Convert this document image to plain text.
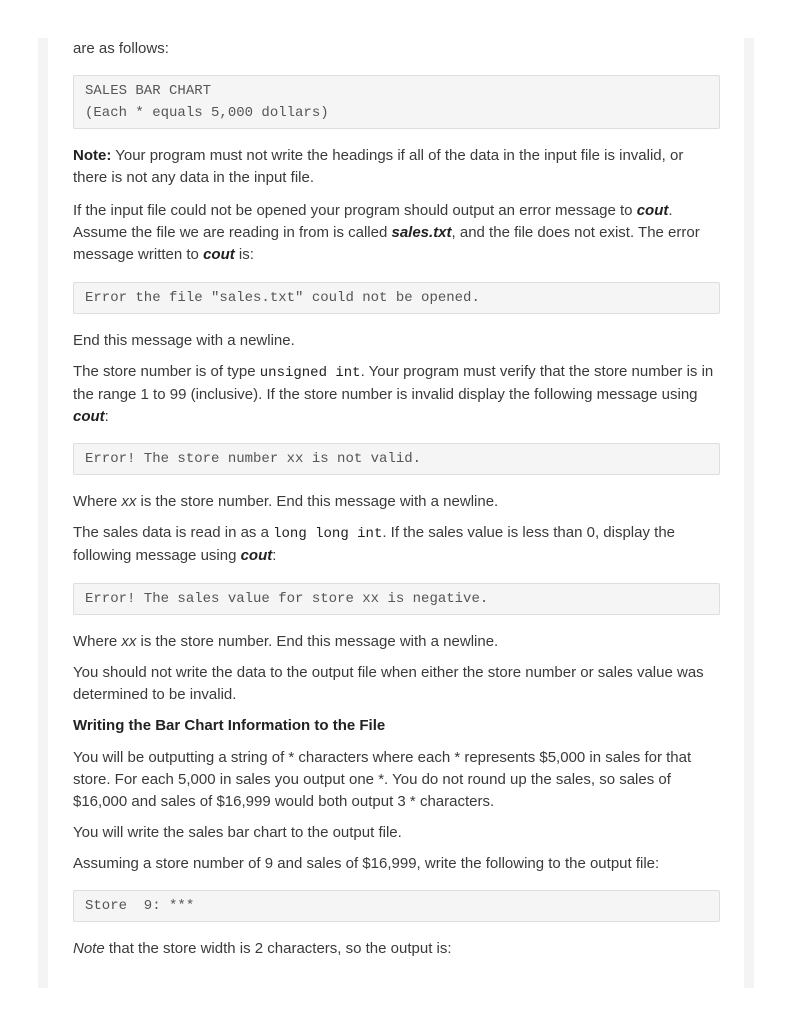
are as follows:

SALES BAR CHART
(Each * equals 5,000 dollars)

Note: Your program must not write the headings if all of the data in the input file is invalid, or there is not any data in the input file.

If the input file could not be opened your program should output an error message to cout. Assume the file we are reading in from is called sales.txt, and the file does not exist. The error message written to cout is:

Error the file "sales.txt" could not be opened.

End this message with a newline.

The store number is of type unsigned int. Your program must verify that the store number is in the range 1 to 99 (inclusive). If the store number is invalid display the following message using cout:

Error! The store number xx is not valid.

Where xx is the store number. End this message with a newline.

The sales data is read in as a long long int. If the sales value is less than 0, display the following message using cout:

Error! The sales value for store xx is negative.

Where xx is the store number. End this message with a newline.

You should not write the data to the output file when either the store number or sales value was determined to be invalid.

Writing the Bar Chart Information to the File

You will be outputting a string of * characters where each * represents $5,000 in sales for that store. For each 5,000 in sales you output one *. You do not round up the sales, so sales of $16,000 and sales of $16,999 would both output 3 * characters.

You will write the sales bar chart to the output file.

Assuming a store number of 9 and sales of $16,999, write the following to the output file:

Store  9: ***

Note that the store width is 2 characters, so the output is:
